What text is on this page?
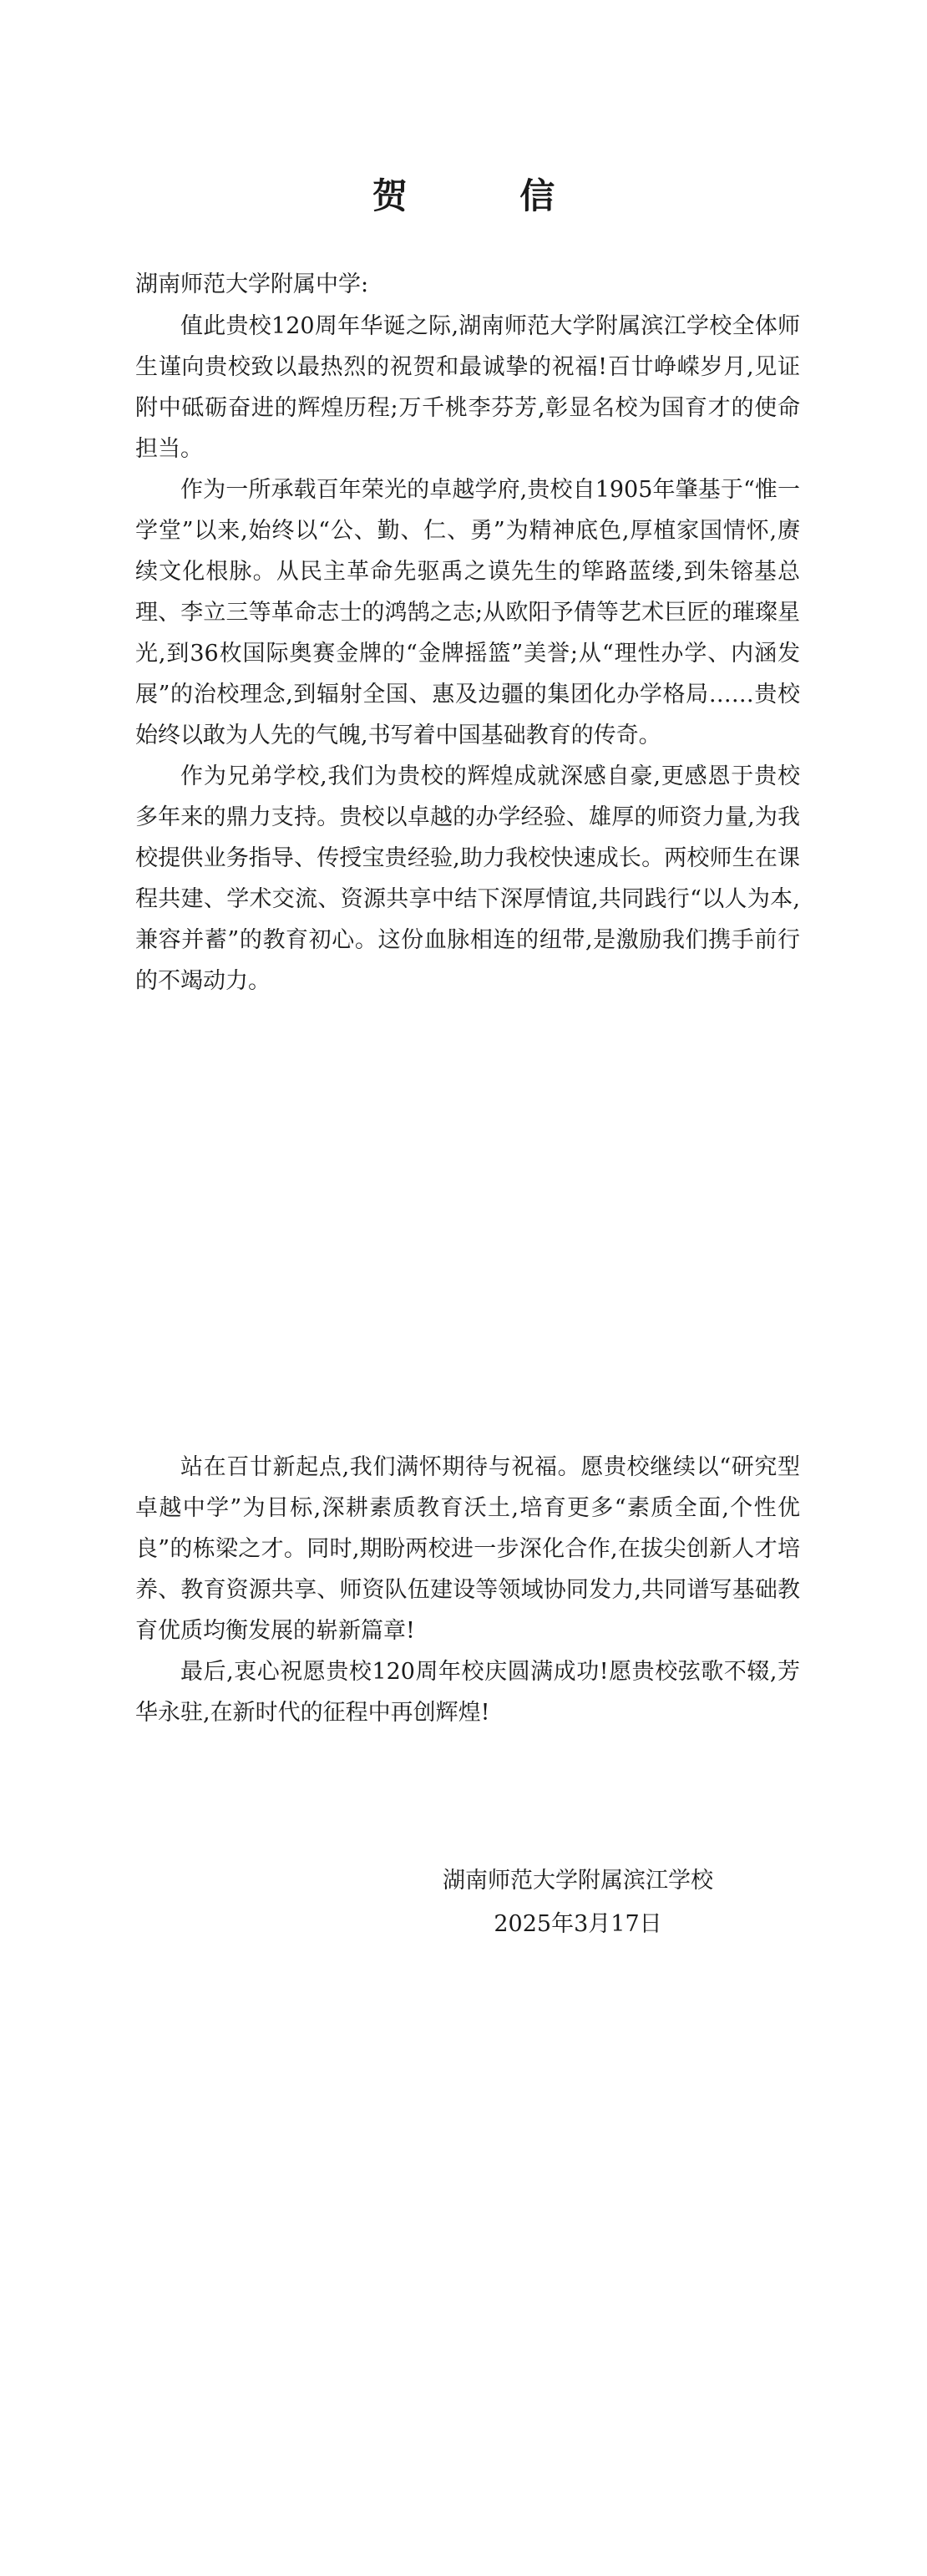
贺 信
湖南师范大学附属中学:

值此贵校120周年华诞之际,湖南师范大学附属滨江学校全体师生谨向贵校致以最热烈的祝贺和最诚挚的祝福!百廿峥嵘岁月,见证附中砥砺奋进的辉煌历程;万千桃李芬芳,彰显名校为国育才的使命担当。

作为一所承载百年荣光的卓越学府,贵校自1905年肇基于“惟一学堂”以来,始终以“公、勤、仁、勇”为精神底色,厚植家国情怀,赓续文化根脉。从民主革命先驱禹之谟先生的筚路蓝缕,到朱镕基总理、李立三等革命志士的鸿鹄之志;从欧阳予倩等艺术巨匠的璀璨星光,到36枚国际奥赛金牌的“金牌摇篮”美誉;从“理性办学、内涵发展”的治校理念,到辐射全国、惠及边疆的集团化办学格局……贵校始终以敢为人先的气魄,书写着中国基础教育的传奇。

作为兄弟学校,我们为贵校的辉煌成就深感自豪,更感恩于贵校多年来的鼎力支持。贵校以卓越的办学经验、雄厚的师资力量,为我校提供业务指导、传授宝贵经验,助力我校快速成长。两校师生在课程共建、学术交流、资源共享中结下深厚情谊,共同践行“以人为本,兼容并蓄”的教育初心。这份血脉相连的纽带,是激励我们携手前行的不竭动力。

站在百廿新起点,我们满怀期待与祝福。愿贵校继续以“研究型卓越中学”为目标,深耕素质教育沃土,培育更多“素质全面,个性优良”的栋梁之才。同时,期盼两校进一步深化合作,在拔尖创新人才培养、教育资源共享、师资队伍建设等领域协同发力,共同谱写基础教育优质均衡发展的崭新篇章!

最后,衷心祝愿贵校120周年校庆圆满成功!愿贵校弦歌不辍,芳华永驻,在新时代的征程中再创辉煌!

湖南师范大学附属滨江学校
2025年3月17日
